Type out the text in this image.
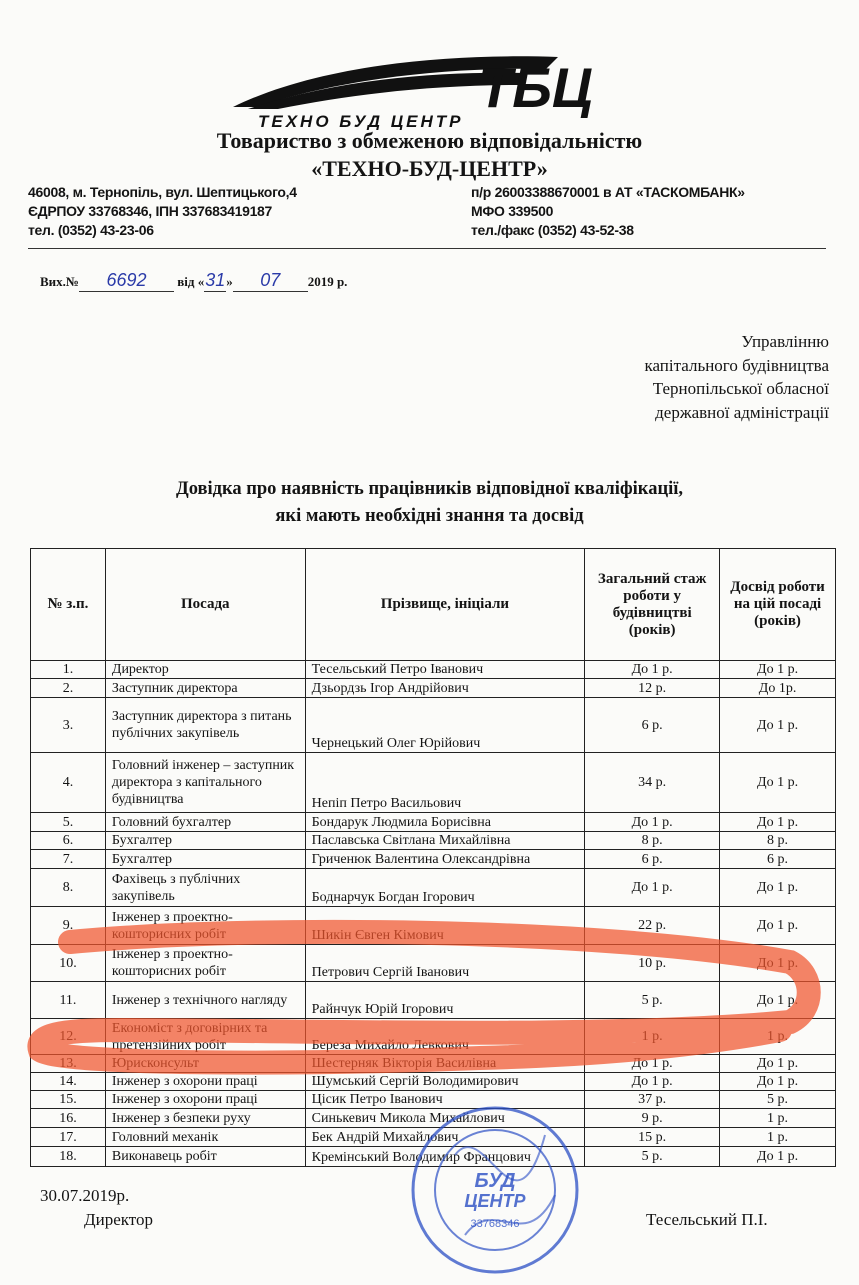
ТБЦ
ТЕХНО БУД ЦЕНТР
Товариство з обмеженою відповідальністю
«ТЕХНО-БУД-ЦЕНТР»
46008, м. Тернопіль, вул. Шептицького,4
ЄДРПОУ 33768346, ІПН 337683419187
тел. (0352) 43-23-06
п/р 26003388670001 в АТ «ТАСКОМБАНК»
МФО 339500
тел./факс (0352) 43-52-38
Вих.№ 6692 від «31» 07 2019 р.
Управлінню
капітального будівництва
Тернопільської обласної
державної адміністрації
Довідка про наявність працівників відповідної кваліфікації,
які мають необхідні знання та досвід
№ з.п.	Посада	Прізвище, ініціали	Загальний стаж роботи у будівництві (років)	Досвід роботи на цій посаді (років)
1.	Директор	Тесельський Петро Іванович	До 1 р.	До 1 р.
2.	Заступник директора	Дзьордзь Ігор Андрійович	12 р.	До 1р.
3.	Заступник директора з питань публічних закупівель	Чернецький Олег Юрійович	6 р.	До 1 р.
4.	Головний інженер – заступник директора з капітального будівництва	Непіп Петро Васильович	34 р.	До 1 р.
5.	Головний бухгалтер	Бондарук Людмила Борисівна	До 1 р.	До 1 р.
6.	Бухгалтер	Паславська Світлана Михайлівна	8 р.	8 р.
7.	Бухгалтер	Гриченюк Валентина Олександрівна	6 р.	6 р.
8.	Фахівець з публічних закупівель	Боднарчук Богдан Ігорович	До 1 р.	До 1 р.
9.	Інженер з проектно-кошторисних робіт	Шикін Євген Кімович	22 р.	До 1 р.
10.	Інженер з проектно-кошторисних робіт	Петрович Сергій Іванович	10 р.	До 1 р.
11.	Інженер з технічного нагляду	Райнчук Юрій Ігорович	5 р.	До 1 р.
12.	Економіст з договірних та претензійних робіт	Береза Михайло Левкович	1 р.	1 р.
13.	Юрисконсульт	Шестерняк Вікторія Василівна	До 1 р.	До 1 р.
14.	Інженер з охорони праці	Шумський Сергій Володимирович	До 1 р.	До 1 р.
15.	Інженер з охорони праці	Цісик Петро Іванович	37 р.	5 р.
16.	Інженер з безпеки руху	Синькевич Микола Михайлович	9 р.	1 р.
17.	Головний механік	Бек Андрій Михайлович	15 р.	1 р.
18.	Виконавець робіт	Кремінський Володимир Францович	5 р.	До 1 р.
БУД
ЦЕНТР
33768346
30.07.2019р.
Директор	Тесельський П.І.
